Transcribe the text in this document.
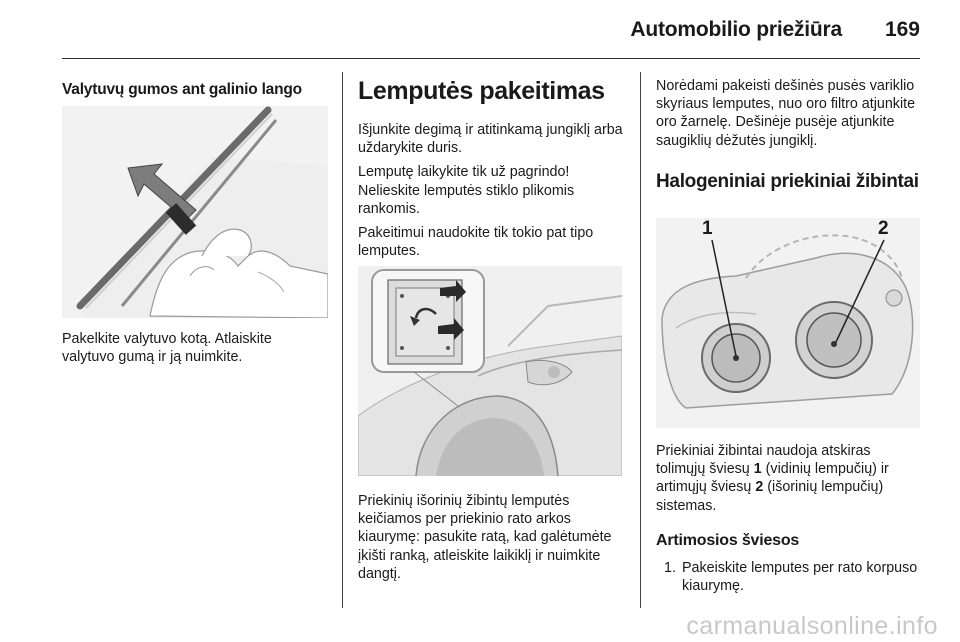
Automobilio priežiūra 169
Valytuvų gumos ant galinio lango

Pakelkite valytuvo kotą. Atlaiskite valytuvo gumą ir ją nuimkite.

Lemputės pakeitimas

Išjunkite degimą ir atitinkamą jungiklį arba uždarykite duris.

Lemputę laikykite tik už pagrindo! Nelieskite lemputės stiklo plikomis rankomis.

Pakeitimui naudokite tik tokio pat tipo lemputes.

Priekinių išorinių žibintų lemputės keičiamos per priekinio rato arkos kiaurymę: pasukite ratą, kad galėtumėte įkišti ranką, atleiskite laikiklį ir nuimkite dangtį.

Norėdami pakeisti dešinės pusės variklio skyriaus lemputes, nuo oro filtro atjunkite oro žarnelę. Dešinėje pusėje atjunkite saugiklių dėžutės jungiklį.

Halogeniniai priekiniai žibintai
1	2

Priekiniai žibintai naudoja atskiras tolimųjų šviesų 1 (vidinių lempučių) ir artimųjų šviesų 2 (išorinių lempučių) sistemas.

Artimosios šviesos
1. Pakeiskite lemputes per rato korpuso kiaurymę.
carmanualsonline.info
